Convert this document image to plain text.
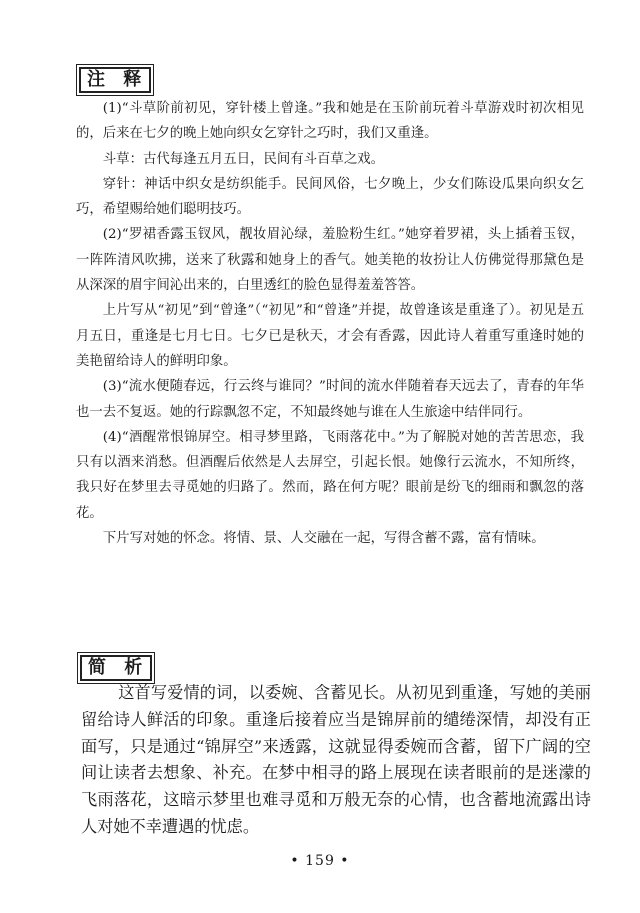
注 释

(1)“斗草阶前初见，穿针楼上曾逢。”我和她是在玉阶前玩着斗草游戏时初次相见的，后来在七夕的晚上她向织女乞穿针之巧时，我们又重逢。

斗草：古代每逢五月五日，民间有斗百草之戏。

穿针：神话中织女是纺织能手。民间风俗，七夕晚上，少女们陈设瓜果向织女乞巧，希望赐给她们聪明技巧。

(2)“罗裙香露玉钗风，靓妆眉沁绿，羞脸粉生红。”她穿着罗裙，头上插着玉钗，一阵阵清风吹拂，送来了秋露和她身上的香气。她美艳的妆扮让人仿佛觉得那黛色是从深深的眉宇间沁出来的，白里透红的脸色显得羞羞答答。

上片写从“初见”到“曾逢”（“初见”和“曾逢”并提，故曾逢该是重逢了）。初见是五月五日，重逢是七月七日。七夕已是秋天，才会有香露，因此诗人着重写重逢时她的美艳留给诗人的鲜明印象。

(3)“流水便随春远，行云终与谁同？”时间的流水伴随着春天远去了，青春的年华也一去不复返。她的行踪飘忽不定，不知最终她与谁在人生旅途中结伴同行。

(4)“酒醒常恨锦屏空。相寻梦里路，飞雨落花中。”为了解脱对她的苦苦思恋，我只有以酒来消愁。但酒醒后依然是人去屏空，引起长恨。她像行云流水，不知所终，我只好在梦里去寻觅她的归路了。然而，路在何方呢？眼前是纷飞的细雨和飘忽的落花。

下片写对她的怀念。将情、景、人交融在一起，写得含蓄不露，富有情味。

简 析

这首写爱情的词，以委婉、含蓄见长。从初见到重逢，写她的美丽留给诗人鲜活的印象。重逢后接着应当是锦屏前的缱绻深情，却没有正面写，只是通过“锦屏空”来透露，这就显得委婉而含蓄，留下广阔的空间让读者去想象、补充。在梦中相寻的路上展现在读者眼前的是迷濛的飞雨落花，这暗示梦里也难寻觅和万般无奈的心情，也含蓄地流露出诗人对她不幸遭遇的忧虑。

• 159 •
